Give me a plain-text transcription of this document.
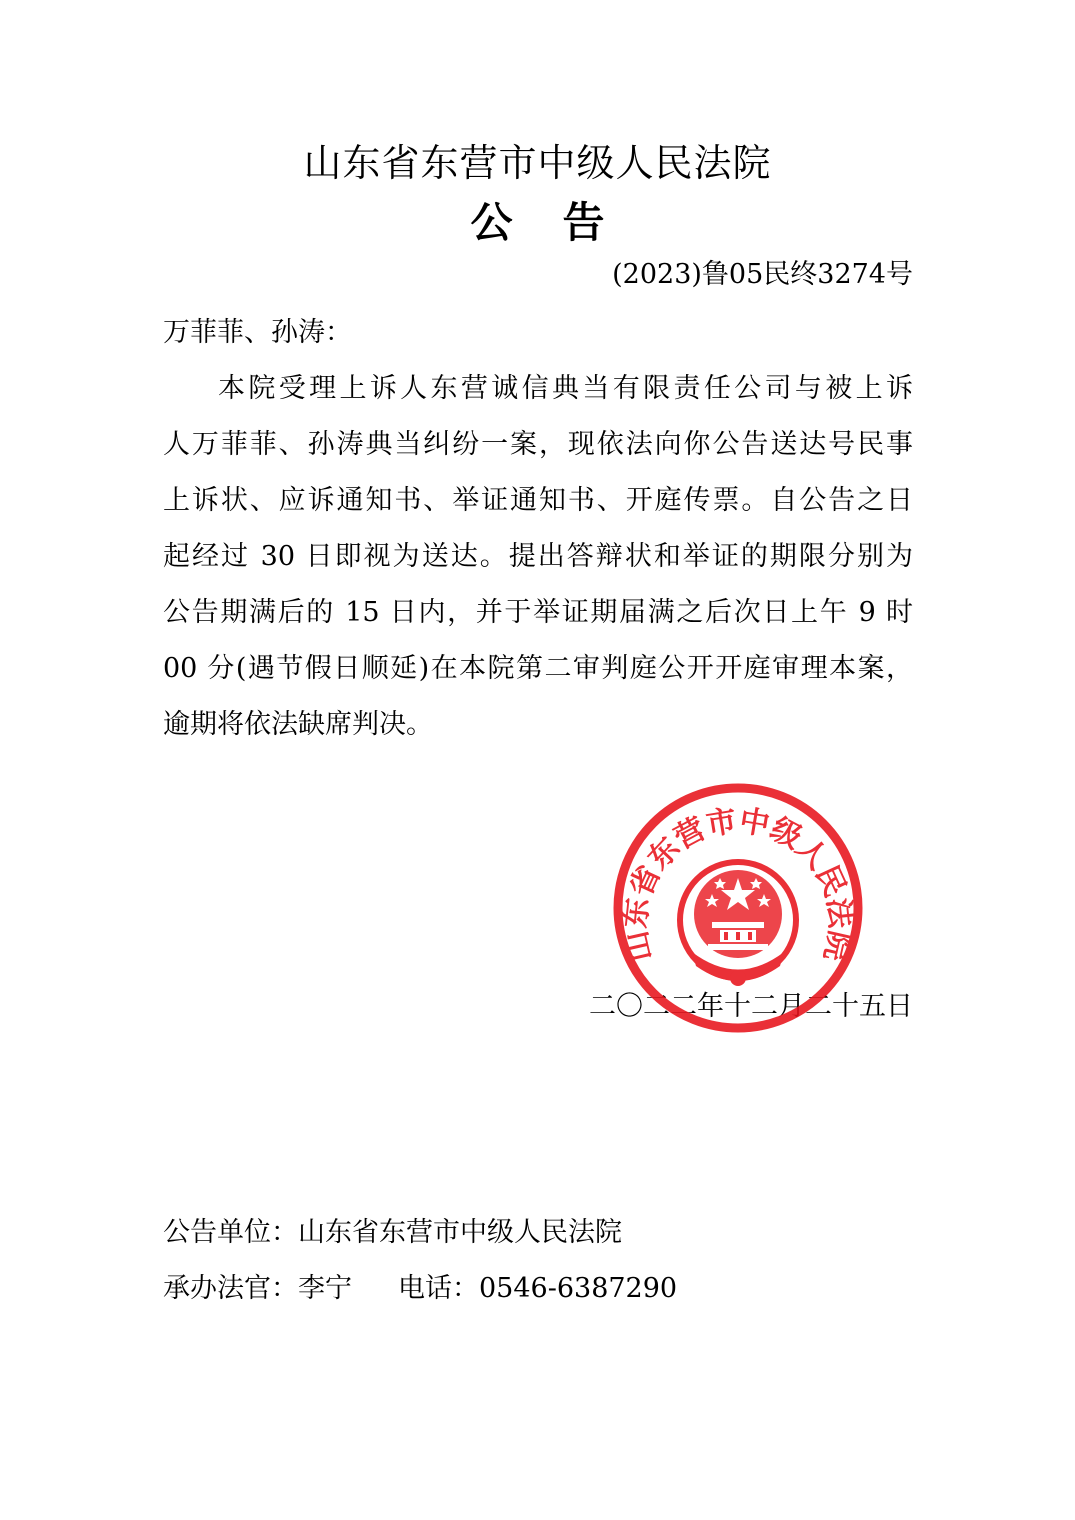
山东省东营市中级人民法院
公告
(2023)鲁05民终3274号
万菲菲、孙涛：
本院受理上诉人东营诚信典当有限责任公司与被上诉
人万菲菲、孙涛典当纠纷一案，现依法向你公告送达号民事
上诉状、应诉通知书、举证通知书、开庭传票。自公告之日
起经过 30 日即视为送达。提出答辩状和举证的期限分别为
公告期满后的 15 日内，并于举证期届满之后次日上午 9 时
00 分(遇节假日顺延)在本院第二审判庭公开开庭审理本案，
逾期将依法缺席判决。
二〇二二年十二月二十五日
山东省东营市中级人民法院
公告单位：山东省东营市中级人民法院
承办法官：李宁 电话：0546-6387290
